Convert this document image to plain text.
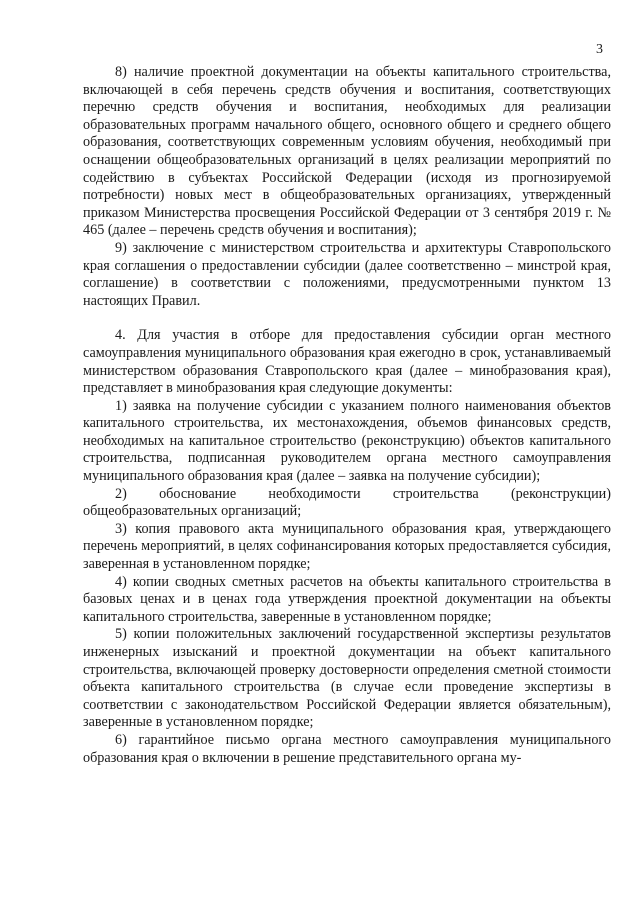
3

8) наличие проектной документации на объекты капитального строительства, включающей в себя перечень средств обучения и воспитания, соответствующих перечню средств обучения и воспитания, необходимых для реализации образовательных программ начального общего, основного общего и среднего общего образования, соответствующих современным условиям обучения, необходимый при оснащении общеобразовательных организаций в целях реализации мероприятий по содействию в субъектах Российской Федерации (исходя из прогнозируемой потребности) новых мест в общеобразовательных организациях, утвержденный приказом Министерства просвещения Российской Федерации от 3 сентября 2019 г. № 465 (далее – перечень средств обучения и воспитания);

9) заключение с министерством строительства и архитектуры Ставропольского края соглашения о предоставлении субсидии (далее соответственно – минстрой края, соглашение) в соответствии с положениями, предусмотренными пунктом 13 настоящих Правил.

4. Для участия в отборе для предоставления субсидии орган местного самоуправления муниципального образования края ежегодно в срок, устанавливаемый министерством образования Ставропольского края (далее – минобразования края), представляет в минобразования края следующие документы:

1) заявка на получение субсидии с указанием полного наименования объектов капитального строительства, их местонахождения, объемов финансовых средств, необходимых на капитальное строительство (реконструкцию) объектов капитального строительства, подписанная руководителем органа местного самоуправления муниципального образования края (далее – заявка на получение субсидии);

2) обоснование необходимости строительства (реконструкции) общеобразовательных организаций;

3) копия правового акта муниципального образования края, утверждающего перечень мероприятий, в целях софинансирования которых предоставляется субсидия, заверенная в установленном порядке;

4) копии сводных сметных расчетов на объекты капитального строительства в базовых ценах и в ценах года утверждения проектной документации на объекты капитального строительства, заверенные в установленном порядке;

5) копии положительных заключений государственной экспертизы результатов инженерных изысканий и проектной документации на объект капитального строительства, включающей проверку достоверности определения сметной стоимости объекта капитального строительства (в случае если проведение экспертизы в соответствии с законодательством Российской Федерации является обязательным), заверенные в установленном порядке;

6) гарантийное письмо органа местного самоуправления муниципального образования края о включении в решение представительного органа му-
